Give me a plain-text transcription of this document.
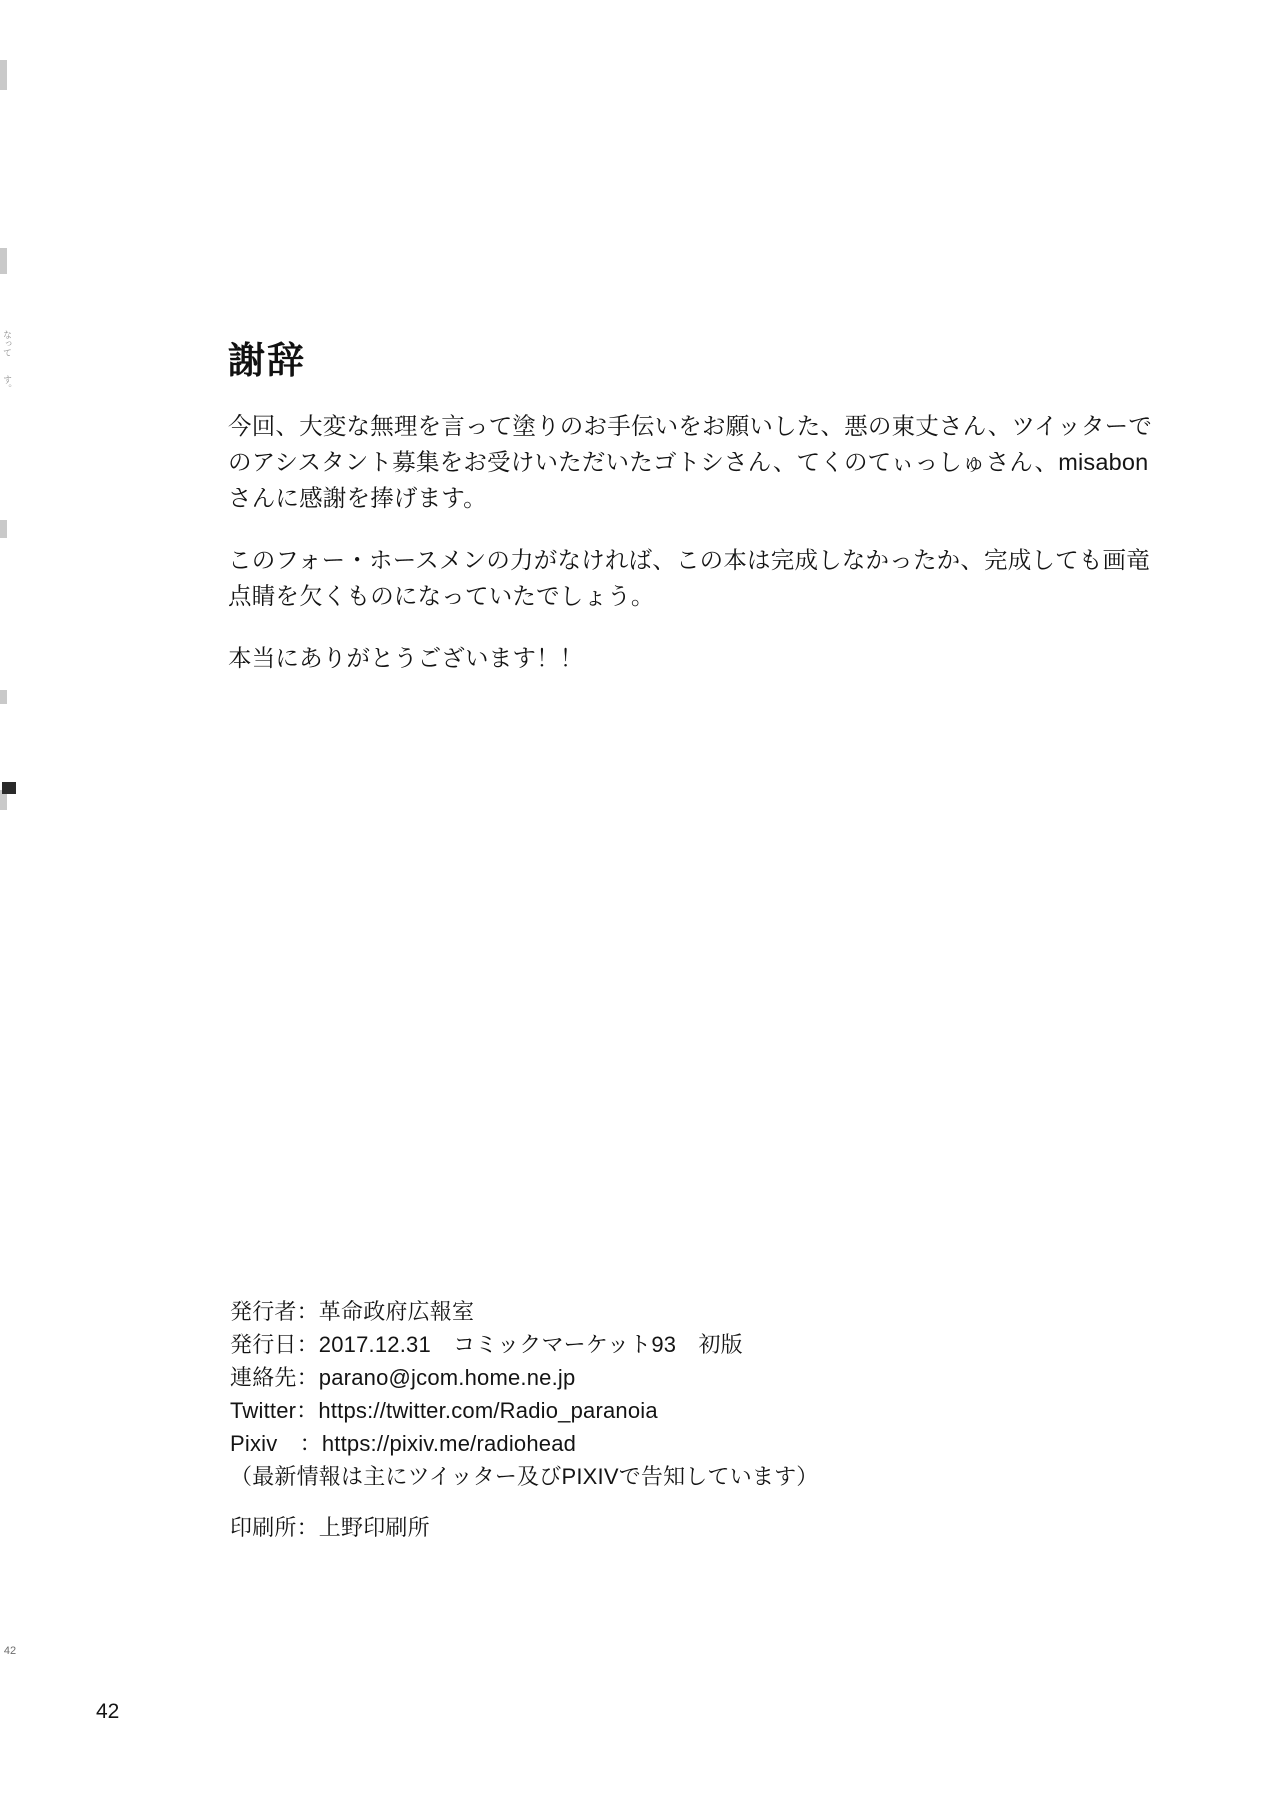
なって　　す。
42
謝辞

今回、大変な無理を言って塗りのお手伝いをお願いした、悪の東丈さん、ツイッターでのアシスタント募集をお受けいただいたゴトシさん、てくのてぃっしゅさん、misabonさんに感謝を捧げます。

このフォー・ホースメンの力がなければ、この本は完成しなかったか、完成しても画竜点睛を欠くものになっていたでしょう。

本当にありがとうございます！！

発行者：革命政府広報室
発行日：2017.12.31　コミックマーケット93　初版
連絡先：parano@jcom.home.ne.jp
Twitter：https://twitter.com/Radio_paranoia
Pixiv　：https://pixiv.me/radiohead
（最新情報は主にツイッター及びPIXIVで告知しています）
印刷所：上野印刷所
42
